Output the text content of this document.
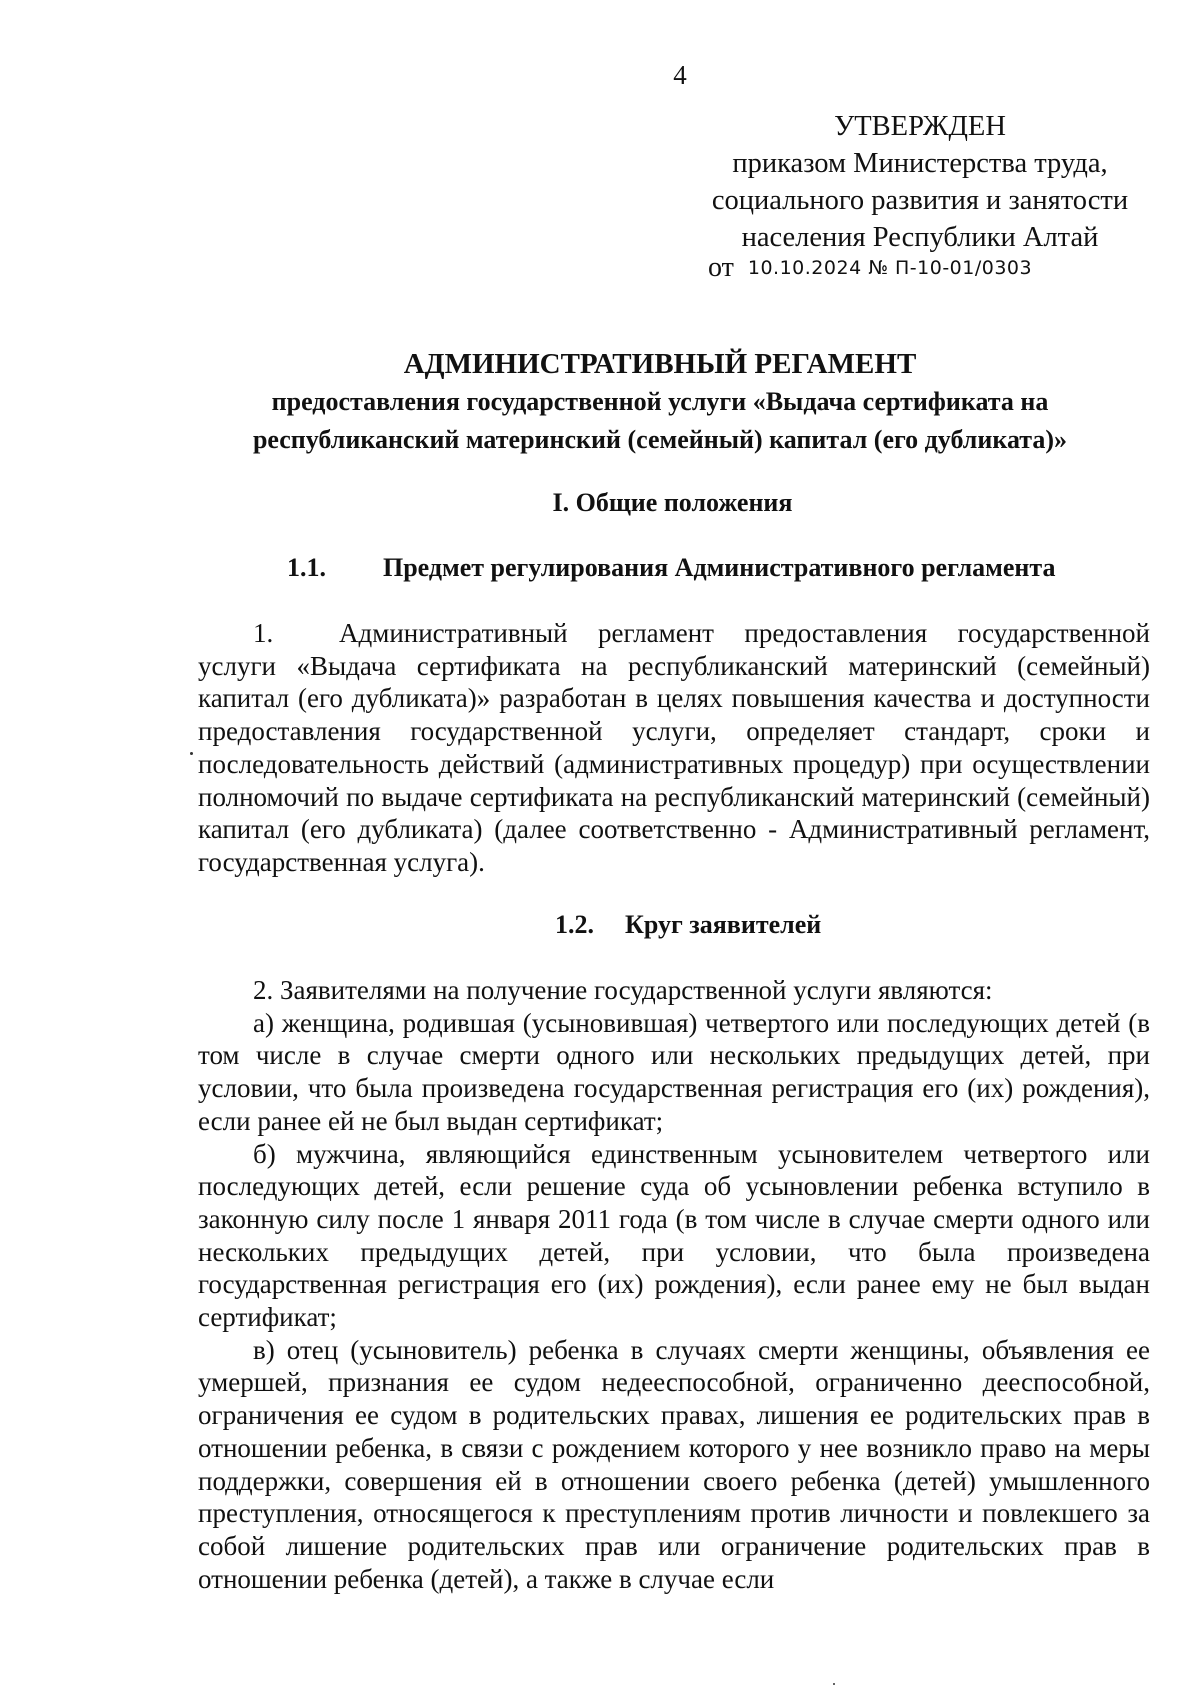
4
УТВЕРЖДЕН
приказом Министерства труда,
социального развития и занятости
населения Республики Алтай
от 10.10.2024 № П-10-01/0303
АДМИНИСТРАТИВНЫЙ РЕГАМЕНТ
предоставления государственной услуги «Выдача сертификата на
республиканский материнский (семейный) капитал (его дубликата)»
I. Общие положения
1.1. Предмет регулирования Административного регламента

1. Административный регламент предоставления государственной услуги «Выдача сертификата на республиканский материнский (семейный) капитал (его дубликата)» разработан в целях повышения качества и доступности предоставления государственной услуги, определяет стандарт, сроки и последовательность действий (административных процедур) при осуществлении полномочий по выдаче сертификата на республиканский материнский (семейный) капитал (его дубликата) (далее соответственно - Административный регламент, государственная услуга).

1.2. Круг заявителей

2. Заявителями на получение государственной услуги являются:

а) женщина, родившая (усыновившая) четвертого или последующих детей (в том числе в случае смерти одного или нескольких предыдущих детей, при условии, что была произведена государственная регистрация его (их) рождения), если ранее ей не был выдан сертификат;

б) мужчина, являющийся единственным усыновителем четвертого или последующих детей, если решение суда об усыновлении ребенка вступило в законную силу после 1 января 2011 года (в том числе в случае смерти одного или нескольких предыдущих детей, при условии, что была произведена государственная регистрация его (их) рождения), если ранее ему не был выдан сертификат;

в) отец (усыновитель) ребенка в случаях смерти женщины, объявления ее умершей, признания ее судом недееспособной, ограниченно дееспособной, ограничения ее судом в родительских правах, лишения ее родительских прав в отношении ребенка, в связи с рождением которого у нее возникло право на меры поддержки, совершения ей в отношении своего ребенка (детей) умышленного преступления, относящегося к преступлениям против личности и повлекшего за собой лишение родительских прав или ограничение родительских прав в отношении ребенка (детей), а также в случае если
